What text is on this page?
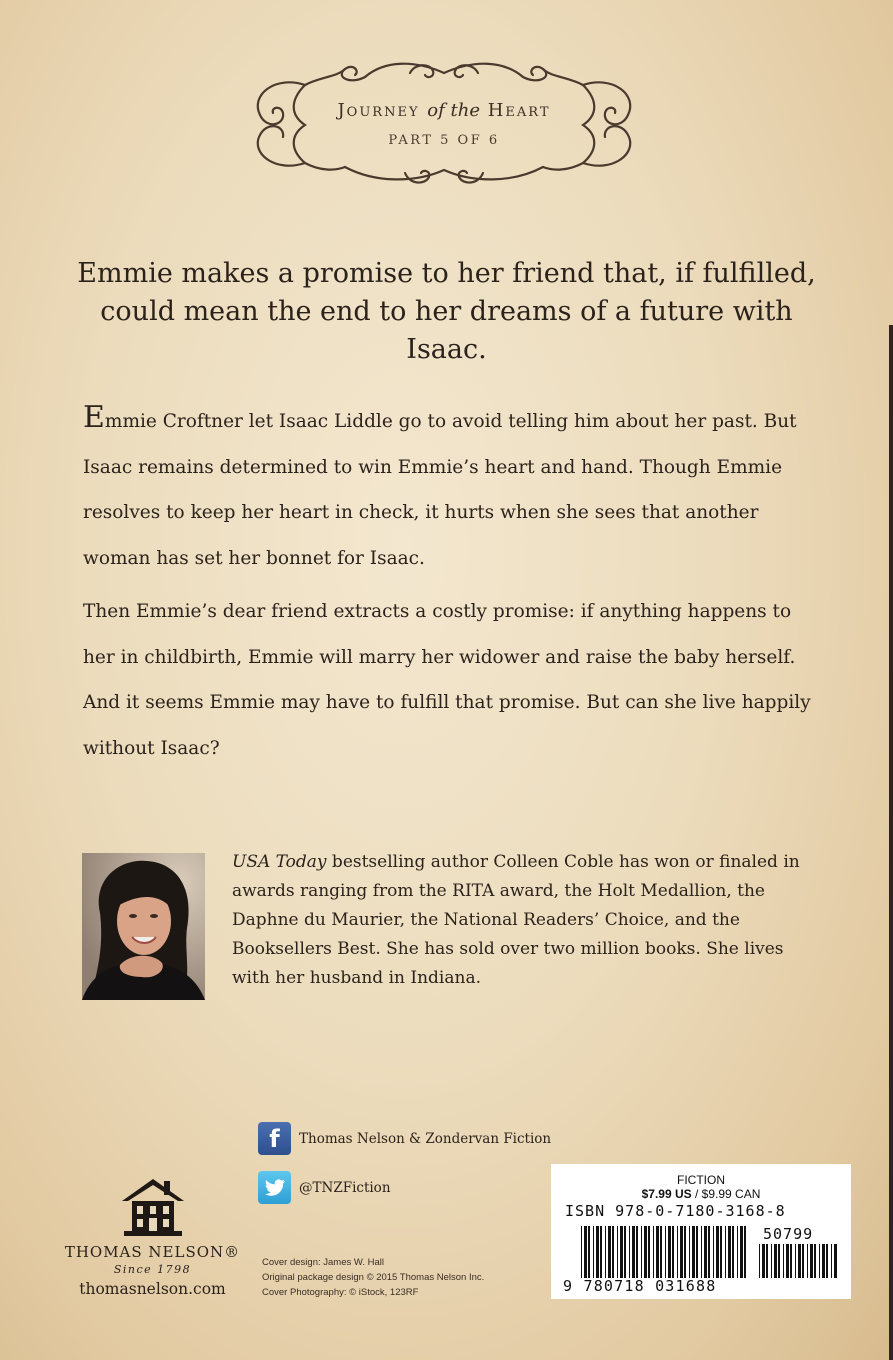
Journey of the Heart
PART 5 OF 6
Emmie makes a promise to her friend that, if fulfilled, could mean the end to her dreams of a future with Isaac.

Emmie Croftner let Isaac Liddle go to avoid telling him about her past. But Isaac remains determined to win Emmie’s heart and hand. Though Emmie resolves to keep her heart in check, it hurts when she sees that another woman has set her bonnet for Isaac.

Then Emmie’s dear friend extracts a costly promise: if anything happens to her in childbirth, Emmie will marry her widower and raise the baby herself. And it seems Emmie may have to fulfill that promise. But can she live happily without Isaac?

USA Today bestselling author Colleen Coble has won or finaled in awards ranging from the RITA award, the Holt Medallion, the Daphne du Maurier, the National Readers’ Choice, and the Booksellers Best. She has sold over two million books. She lives with her husband in Indiana.
f	Thomas Nelson & Zondervan Fiction
@TNZFiction
THOMAS NELSON®
Since 1798
thomasnelson.com
Cover design: James W. Hall
Original package design © 2015 Thomas Nelson Inc.
Cover Photography: © iStock, 123RF
FICTION
$7.99 US / $9.99 CAN
ISBN 978-0-7180-3168-8
50799
9 780718 031688
